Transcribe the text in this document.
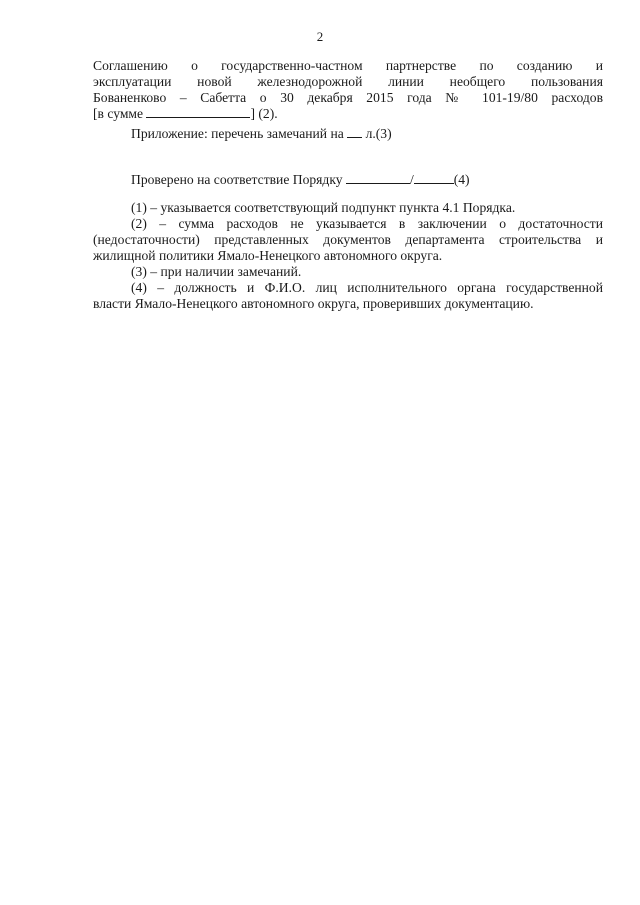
2
Соглашению о государственно-частном партнерстве по созданию и
эксплуатации новой железнодорожной линии необщего пользования
Бованенково – Сабетта о 30 декабря 2015 года № 101-19/80 расходов
[в сумме	] (2).
Приложение: перечень замечаний на  л.(3)
Проверено на соответствие Порядку	/	(4)
(1) – указывается соответствующий подпункт пункта 4.1 Порядка.
(2) – сумма расходов не указывается в заключении о достаточности
(недостаточности) представленных документов департамента строительства и
жилищной политики Ямало-Ненецкого автономного округа.
(3) – при наличии замечаний.
(4) – должность и Ф.И.О. лиц исполнительного органа государственной
власти Ямало-Ненецкого автономного округа, проверивших документацию.
